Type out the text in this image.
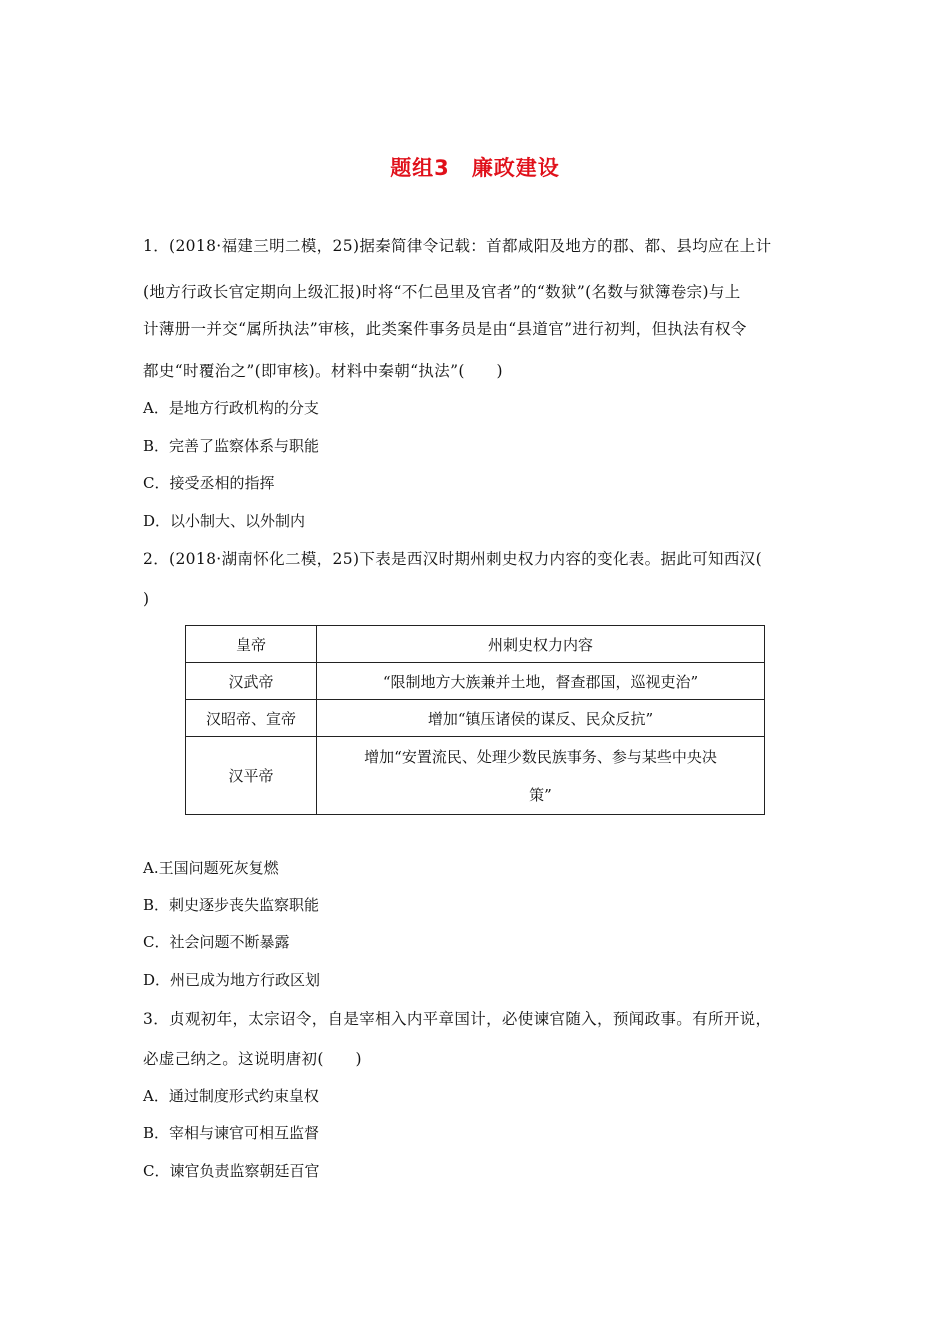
题组3 廉政建设
1．(2018·福建三明二模，25)据秦简律令记载：首都咸阳及地方的郡、都、县均应在上计
(地方行政长官定期向上级汇报)时将“不仁邑里及官者”的“数狱”(名数与狱簿卷宗)与上
计薄册一并交“属所执法”审核，此类案件事务员是由“县道官”进行初判，但执法有权令
都史“时覆治之”(即审核)。材料中秦朝“执法”(　　)
A．是地方行政机构的分支
B．完善了监察体系与职能
C．接受丞相的指挥
D．以小制大、以外制内
2．(2018·湖南怀化二模，25)下表是西汉时期州刺史权力内容的变化表。据此可知西汉(
)
皇帝	州刺史权力内容
汉武帝	“限制地方大族兼并土地，督查郡国，巡视吏治”
汉昭帝、宣帝	增加“镇压诸侯的谋反、民众反抗”
汉平帝	增加“安置流民、处理少数民族事务、参与某些中央决
策”
A.王国问题死灰复燃
B．刺史逐步丧失监察职能
C．社会问题不断暴露
D．州已成为地方行政区划
3．贞观初年，太宗诏令，自是宰相入内平章国计，必使谏官随入，预闻政事。有所开说，
必虚己纳之。这说明唐初(　　)
A．通过制度形式约束皇权
B．宰相与谏官可相互监督
C．谏官负责监察朝廷百官
